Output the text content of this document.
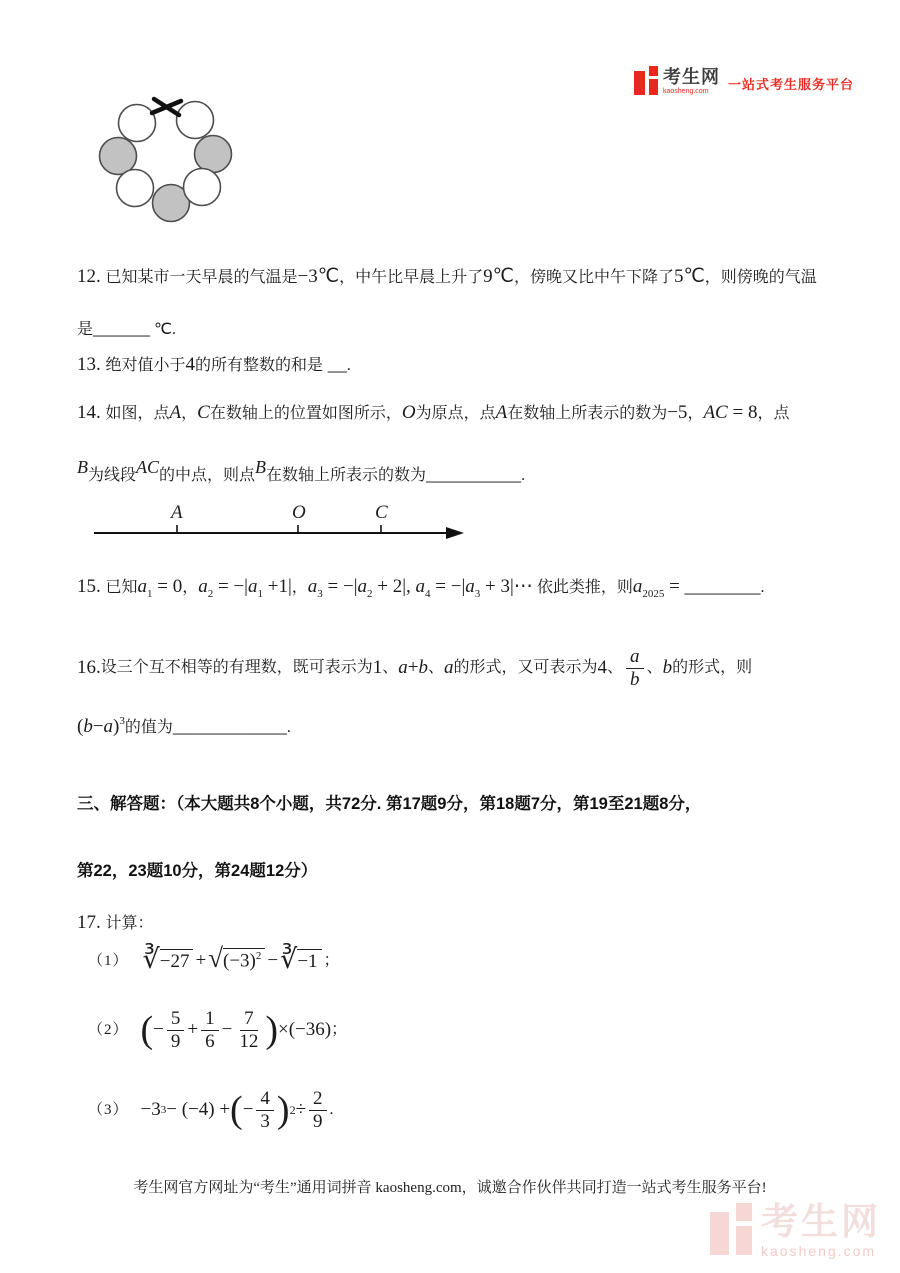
考生网
kaosheng.com	一站式考生服务平台
12. 已知某市一天早晨的气温是−3℃，中午比早晨上升了9℃，傍晚又比中午下降了5℃，则傍晚的气温
是______ ℃.
13. 绝对值小于4的所有整数的和是 __.
14. 如图，点A，C在数轴上的位置如图所示，O为原点，点A在数轴上所表示的数为−5，AC = 8，点
B为线段AC的中点，则点B在数轴上所表示的数为__________.
A	O	C
15. 已知$a_1 = 0$，$a_2 = -|a_1 +1|$，$a_3 = -|a_2 + 2|$, $a_4 = -|a_3$ + 3|⋯ 依此类推，则$a_{2025}$ = ________.
16. 设三个互不相等的有理数，既可表示为 1 、 a + b 、 a 的形式，又可表示为 4 、 $\frac{a}{b}$ 、 b 的形式，则
$(b-a)^3$的值为____________.
三、解答题：（本大题共8个小题，共72分. 第17题9分，第18题7分，第19至21题8分，
第22，23题10分，第24题12分）
17. 计算：
（1） ∛ −27 + √ $(-3)^2$ − ∛ −1 ；
（2） ( − $\frac{5}{9} + \frac{1}{6} - \frac{7}{12}$ ) × (−36) ；
（3） −3 3 − (−4) + ( − $\frac{4}{3}$ ) $2 \div \frac{2}{9}$ .
考生网官方网址为“考生”通用词拼音 kaosheng.com，诚邀合作伙伴共同打造一站式考生服务平台!
考生网
kaosheng.com
